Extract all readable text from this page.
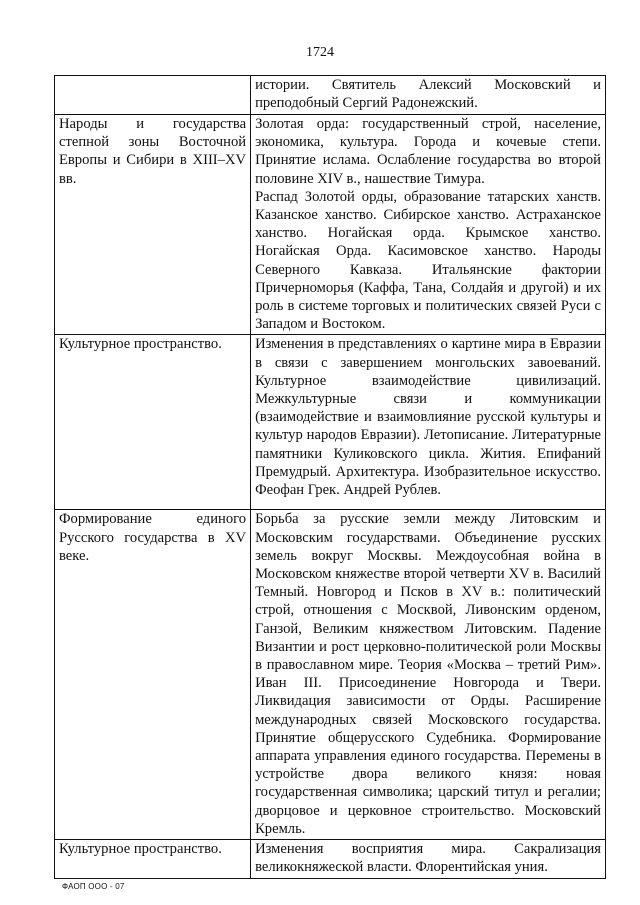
1724

	истории. Святитель Алексий Московский и преподобный Сергий Радонежский.

Народы и государства степной зоны Восточной Европы и Сибири в XIII–XV вв.	Золотая орда: государственный строй, население, экономика, культура. Города и кочевые степи. Принятие ислама. Ослабление государства во второй половине XIV в., нашествие Тимура.
Распад Золотой орды, образование татарских ханств. Казанское ханство. Сибирское ханство. Астраханское ханство. Ногайская орда. Крымское ханство. Ногайская Орда. Касимовское ханство. Народы Северного Кавказа. Итальянские фактории Причерноморья (Каффа, Тана, Солдайя и другой) и их роль в системе торговых и политических связей Руси с Западом и Востоком.

Культурное пространство.	Изменения в представлениях о картине мира в Евразии в связи с завершением монгольских завоеваний. Культурное взаимодействие цивилизаций. Межкультурные связи и коммуникации (взаимодействие и взаимовлияние русской культуры и культур народов Евразии). Летописание. Литературные памятники Куликовского цикла. Жития. Епифаний Премудрый. Архитектура. Изобразительное искусство. Феофан Грек. Андрей Рублев.

Формирование единого Русского государства в XV веке.	Борьба за русские земли между Литовским и Московским государствами. Объединение русских земель вокруг Москвы. Междоусобная война в Московском княжестве второй четверти XV в. Василий Темный. Новгород и Псков в XV в.: политический строй, отношения с Москвой, Ливонским орденом, Ганзой, Великим княжеством Литовским. Падение Византии и рост церковно-политической роли Москвы в православном мире. Теория «Москва – третий Рим». Иван III. Присоединение Новгорода и Твери. Ликвидация зависимости от Орды. Расширение международных связей Московского государства. Принятие общерусского Судебника. Формирование аппарата управления единого государства. Перемены в устройстве двора великого князя: новая государственная символика; царский титул и регалии; дворцовое и церковное строительство. Московский Кремль.

Культурное пространство.	Изменения восприятия мира. Сакрализация великокняжеской власти. Флорентийская уния.
ФАОП ООО - 07
